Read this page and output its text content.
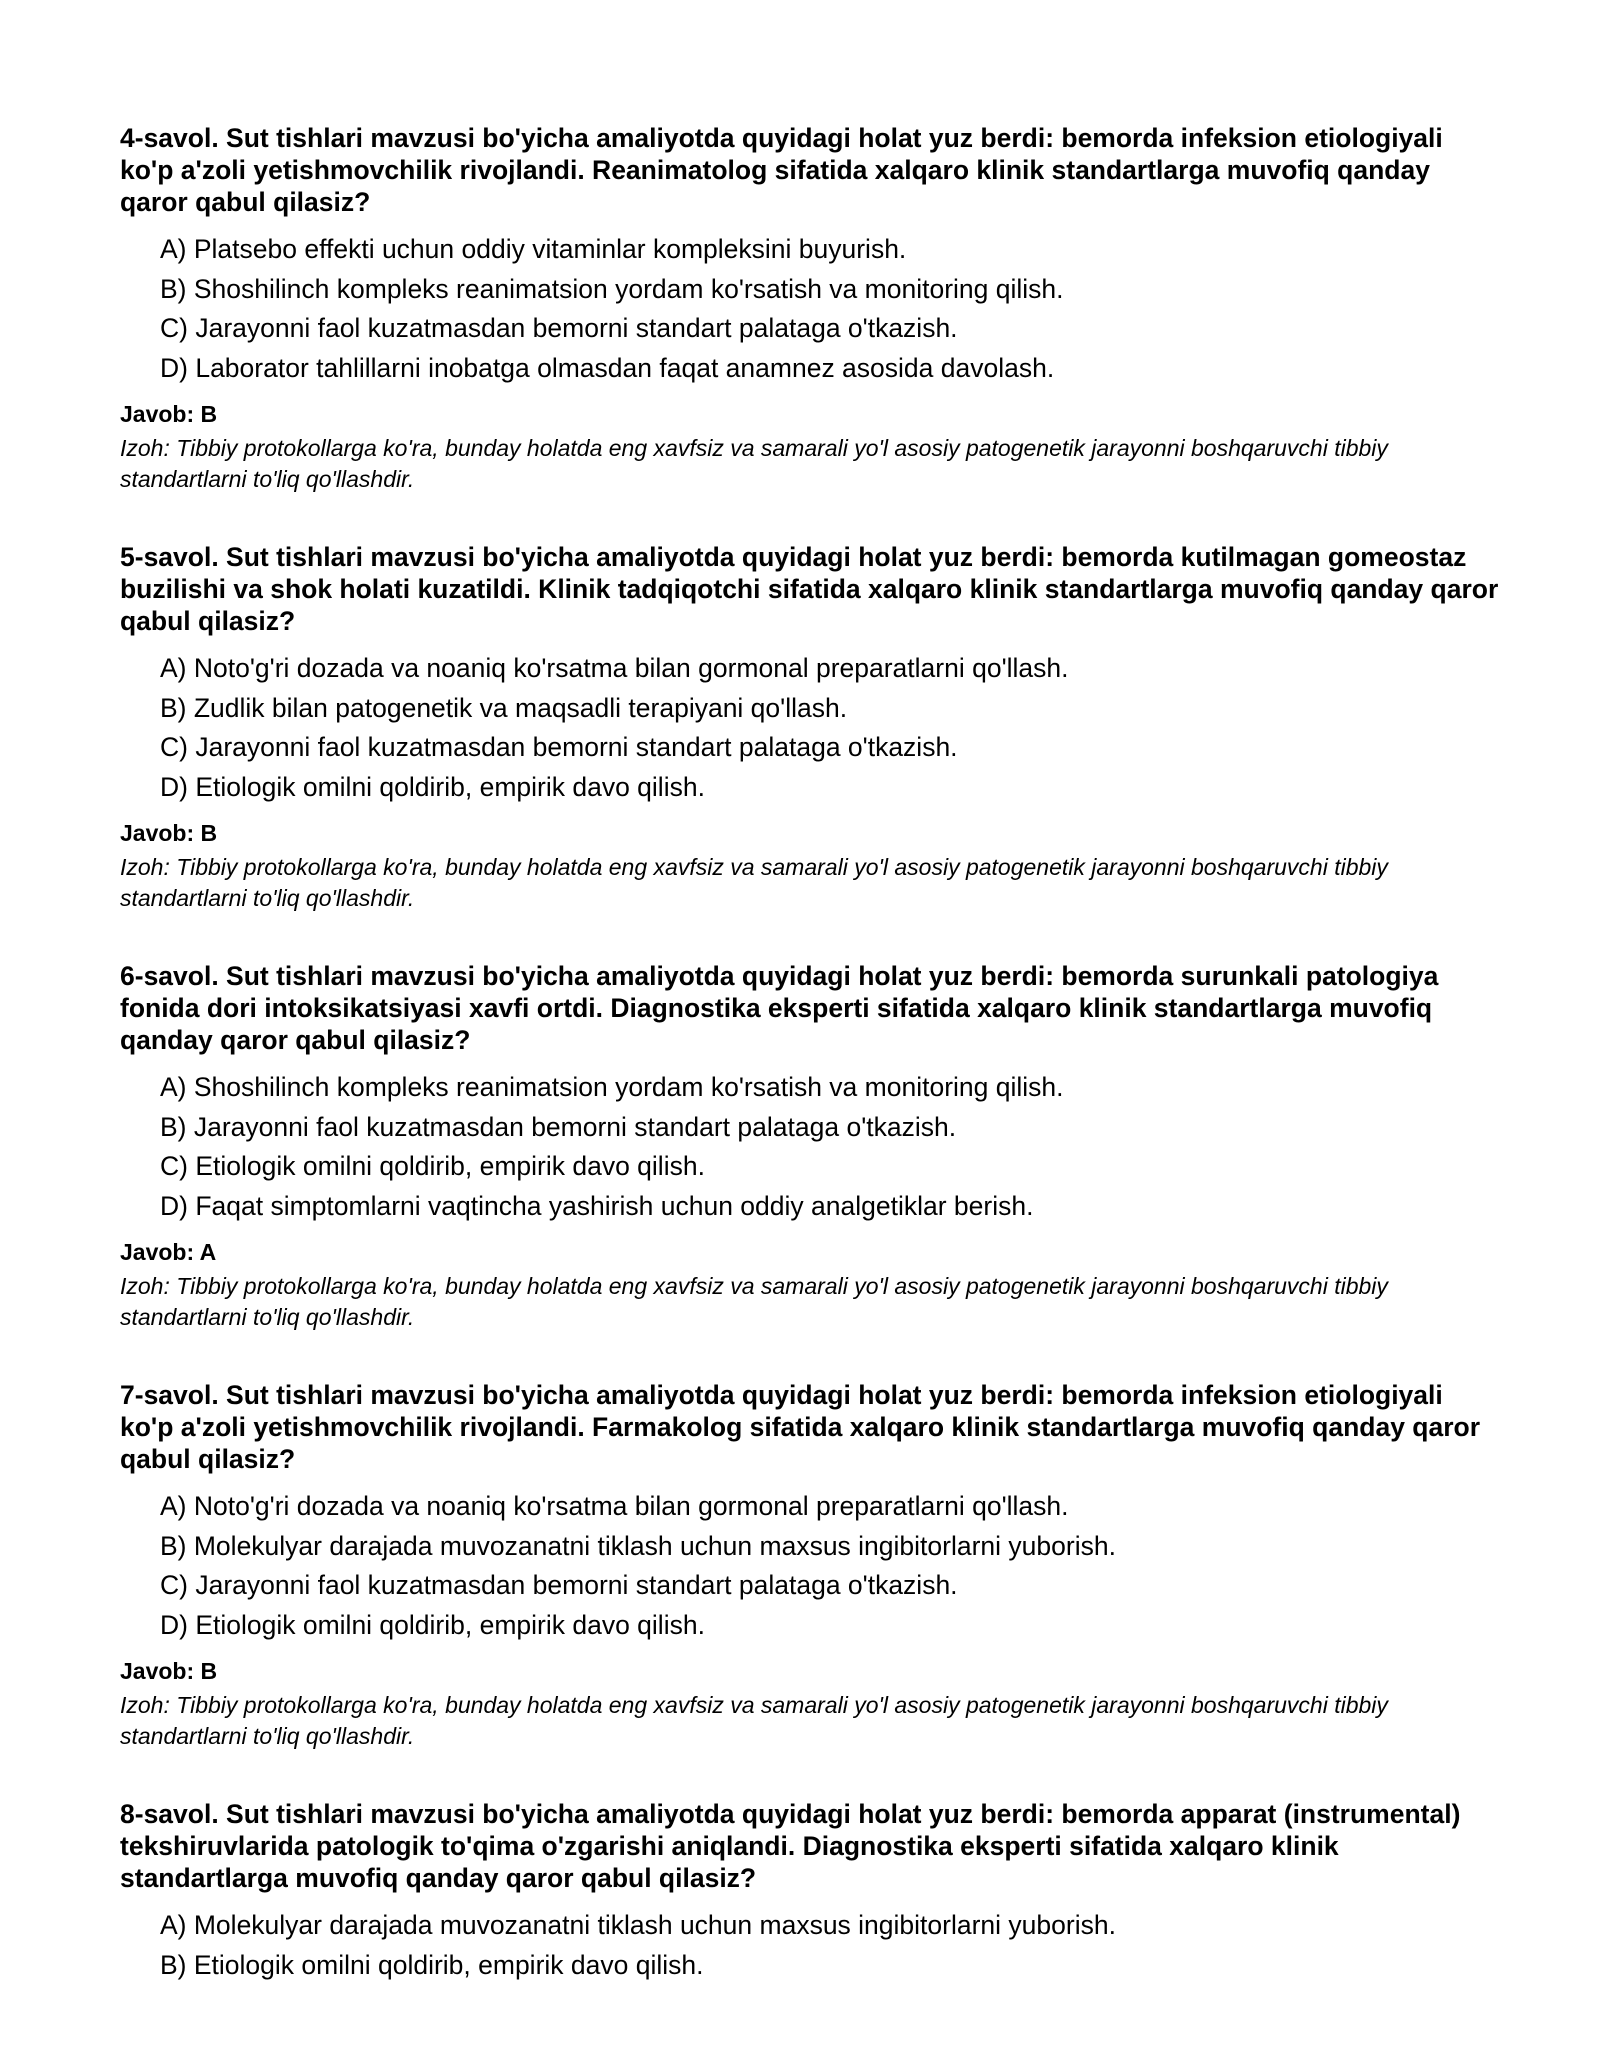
4-savol. Sut tishlari mavzusi bo'yicha amaliyotda quyidagi holat yuz berdi: bemorda infeksion etiologiyali ko'p a'zoli yetishmovchilik rivojlandi. Reanimatolog sifatida xalqaro klinik standartlarga muvofiq qanday qaror qabul qilasiz?

A) Platsebo effekti uchun oddiy vitaminlar kompleksini buyurish.
B) Shoshilinch kompleks reanimatsion yordam ko'rsatish va monitoring qilish.
C) Jarayonni faol kuzatmasdan bemorni standart palataga o'tkazish.
D) Laborator tahlillarni inobatga olmasdan faqat anamnez asosida davolash.

Javob: B

Izoh: Tibbiy protokollarga ko'ra, bunday holatda eng xavfsiz va samarali yo'l asosiy patogenetik jarayonni boshqaruvchi tibbiy standartlarni to'liq qo'llashdir.

5-savol. Sut tishlari mavzusi bo'yicha amaliyotda quyidagi holat yuz berdi: bemorda kutilmagan gomeostaz buzilishi va shok holati kuzatildi. Klinik tadqiqotchi sifatida xalqaro klinik standartlarga muvofiq qanday qaror qabul qilasiz?

A) Noto'g'ri dozada va noaniq ko'rsatma bilan gormonal preparatlarni qo'llash.
B) Zudlik bilan patogenetik va maqsadli terapiyani qo'llash.
C) Jarayonni faol kuzatmasdan bemorni standart palataga o'tkazish.
D) Etiologik omilni qoldirib, empirik davo qilish.

Javob: B

Izoh: Tibbiy protokollarga ko'ra, bunday holatda eng xavfsiz va samarali yo'l asosiy patogenetik jarayonni boshqaruvchi tibbiy standartlarni to'liq qo'llashdir.

6-savol. Sut tishlari mavzusi bo'yicha amaliyotda quyidagi holat yuz berdi: bemorda surunkali patologiya fonida dori intoksikatsiyasi xavfi ortdi. Diagnostika eksperti sifatida xalqaro klinik standartlarga muvofiq qanday qaror qabul qilasiz?

A) Shoshilinch kompleks reanimatsion yordam ko'rsatish va monitoring qilish.
B) Jarayonni faol kuzatmasdan bemorni standart palataga o'tkazish.
C) Etiologik omilni qoldirib, empirik davo qilish.
D) Faqat simptomlarni vaqtincha yashirish uchun oddiy analgetiklar berish.

Javob: A

Izoh: Tibbiy protokollarga ko'ra, bunday holatda eng xavfsiz va samarali yo'l asosiy patogenetik jarayonni boshqaruvchi tibbiy standartlarni to'liq qo'llashdir.

7-savol. Sut tishlari mavzusi bo'yicha amaliyotda quyidagi holat yuz berdi: bemorda infeksion etiologiyali ko'p a'zoli yetishmovchilik rivojlandi. Farmakolog sifatida xalqaro klinik standartlarga muvofiq qanday qaror qabul qilasiz?

A) Noto'g'ri dozada va noaniq ko'rsatma bilan gormonal preparatlarni qo'llash.
B) Molekulyar darajada muvozanatni tiklash uchun maxsus ingibitorlarni yuborish.
C) Jarayonni faol kuzatmasdan bemorni standart palataga o'tkazish.
D) Etiologik omilni qoldirib, empirik davo qilish.

Javob: B

Izoh: Tibbiy protokollarga ko'ra, bunday holatda eng xavfsiz va samarali yo'l asosiy patogenetik jarayonni boshqaruvchi tibbiy standartlarni to'liq qo'llashdir.

8-savol. Sut tishlari mavzusi bo'yicha amaliyotda quyidagi holat yuz berdi: bemorda apparat (instrumental) tekshiruvlarida patologik to'qima o'zgarishi aniqlandi. Diagnostika eksperti sifatida xalqaro klinik standartlarga muvofiq qanday qaror qabul qilasiz?

A) Molekulyar darajada muvozanatni tiklash uchun maxsus ingibitorlarni yuborish.
B) Etiologik omilni qoldirib, empirik davo qilish.
